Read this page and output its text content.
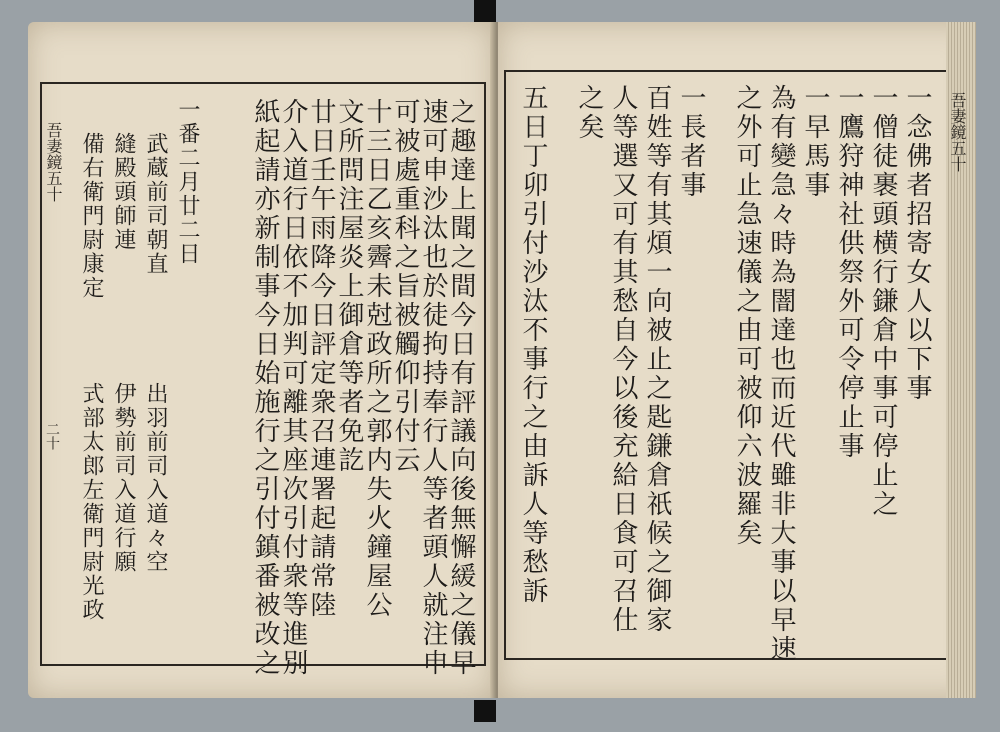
吾妻鏡五十
二十	之趣達上聞之間今日有評議向後無懈緩之儀早
速可申沙汰也於徒拘持奉行人等者頭人就注申
可被處重科之旨被觸仰引付云
十三日乙亥霽未尅政所之郭内失火鐘屋公
文所問注屋炎上御倉等者免訖
廿日壬午雨降今日評定衆召連署起請常陸
介入道行日依不加判可離其座次引付衆等進別
紙起請亦新制事今日始施行之引付鎮番被改之
一番二月廿二日
武蔵前司朝直
縫殿頭師連
備右衛門尉康定
出羽前司入道々空
伊勢前司入道行願
式部太郎左衛門尉光政
吾妻鏡五十
一念佛者招寄女人以下事
一僧徒裹頭横行鎌倉中事可停止之
一鷹狩神社供祭外可令停止事
一早馬事
為有變急々時為闇達也而近代雖非大事以早速
之外可止急速儀之由可被仰六波羅矣
一長者事
百姓等有其煩一向被止之匙鎌倉祇候之御家
人等選又可有其愁自今以後充給日食可召仕
之矣
五日丁卯引付沙汰不事行之由訴人等愁訴
